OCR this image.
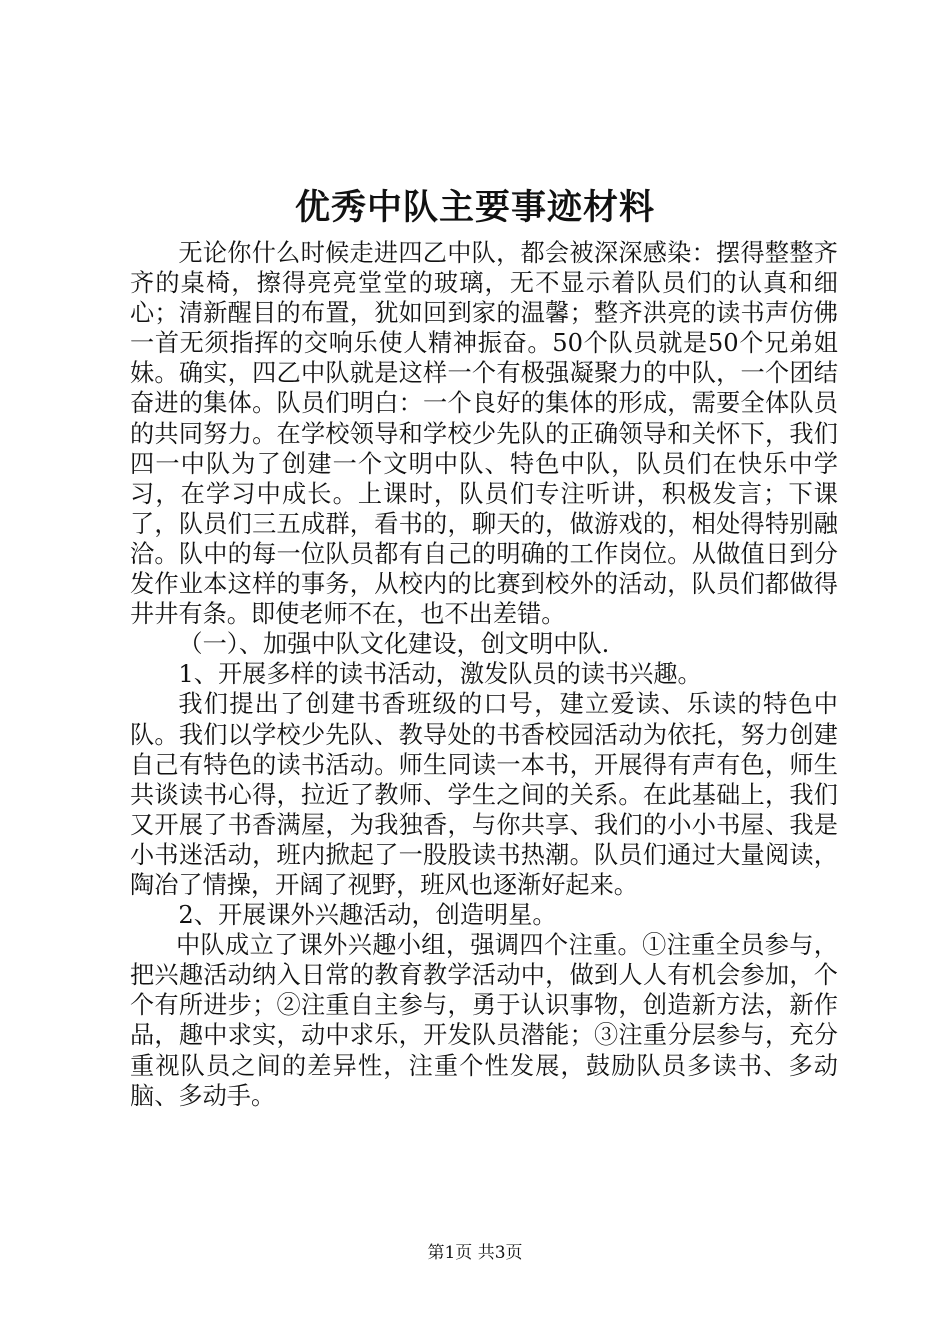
优秀中队主要事迹材料

无论你什么时候走进四乙中队，都会被深深感染：摆得整整齐齐的桌椅，擦得亮亮堂堂的玻璃，无不显示着队员们的认真和细心；清新醒目的布置，犹如回到家的温馨；整齐洪亮的读书声仿佛一首无须指挥的交响乐使人精神振奋。50个队员就是50个兄弟姐妹。确实，四乙中队就是这样一个有极强凝聚力的中队，一个团结奋进的集体。队员们明白：一个良好的集体的形成，需要全体队员的共同努力。在学校领导和学校少先队的正确领导和关怀下，我们四一中队为了创建一个文明中队、特色中队，队员们在快乐中学习，在学习中成长。上课时，队员们专注听讲，积极发言；下课了，队员们三五成群，看书的，聊天的，做游戏的，相处得特别融洽。队中的每一位队员都有自己的明确的工作岗位。从做值日到分发作业本这样的事务，从校内的比赛到校外的活动，队员们都做得井井有条。即使老师不在，也不出差错。

（一）、加强中队文化建设，创文明中队.

1、开展多样的读书活动，激发队员的读书兴趣。

我们提出了创建书香班级的口号，建立爱读、乐读的特色中队。我们以学校少先队、教导处的书香校园活动为依托，努力创建自己有特色的读书活动。师生同读一本书，开展得有声有色，师生共谈读书心得，拉近了教师、学生之间的关系。在此基础上，我们又开展了书香满屋，为我独香，与你共享、我们的小小书屋、我是小书迷活动，班内掀起了一股股读书热潮。队员们通过大量阅读，陶冶了情操，开阔了视野，班风也逐渐好起来。

2、开展课外兴趣活动，创造明星。

中队成立了课外兴趣小组，强调四个注重。①注重全员参与，把兴趣活动纳入日常的教育教学活动中，做到人人有机会参加，个个有所进步；②注重自主参与，勇于认识事物，创造新方法，新作品，趣中求实，动中求乐，开发队员潜能；③注重分层参与，充分重视队员之间的差异性，注重个性发展，鼓励队员多读书、多动脑、多动手。

第1页 共3页
